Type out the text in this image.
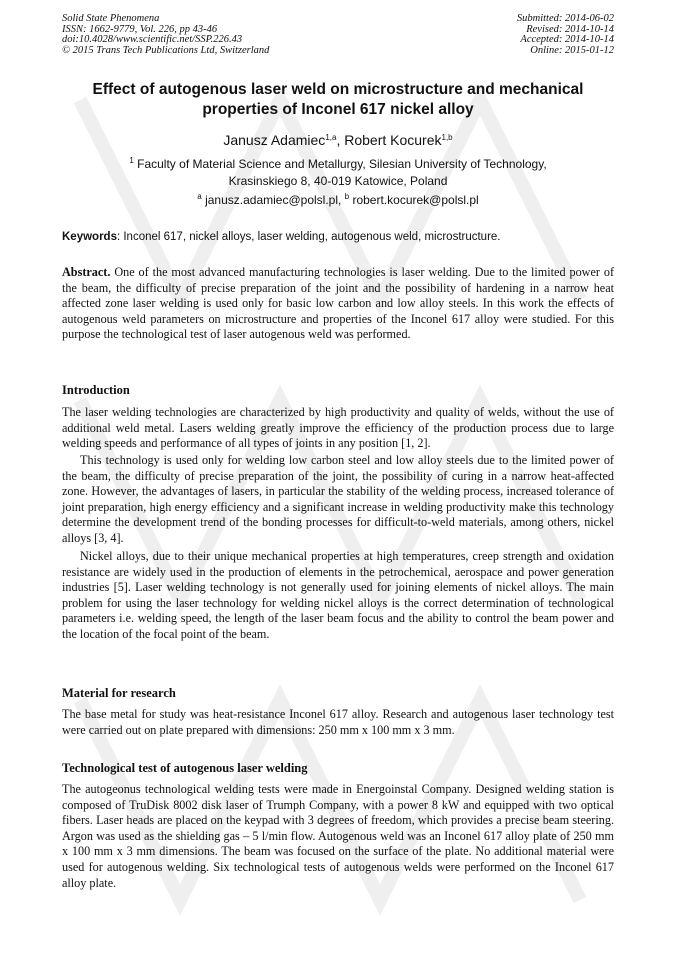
Solid State Phenomena
ISSN: 1662-9779, Vol. 226, pp 43-46
doi:10.4028/www.scientific.net/SSP.226.43
© 2015 Trans Tech Publications Ltd, Switzerland
Submitted: 2014-06-02
Revised: 2014-10-14
Accepted: 2014-10-14
Online: 2015-01-12
Effect of autogenous laser weld on microstructure and mechanical
properties of Inconel 617 nickel alloy
Janusz Adamiec$^{1,a}$, Robert Kocurek$^{1,b}$
$^1$ Faculty of Material Science and Metallurgy, Silesian University of Technology,
Krasinskiego 8, 40-019 Katowice, Poland
$^a$ janusz.adamiec@polsl.pl, $^b$ robert.kocurek@polsl.pl
Keywords: Inconel 617, nickel alloys, laser welding, autogenous weld, microstructure.

Abstract. One of the most advanced manufacturing technologies is laser welding. Due to the limited power of the beam, the difficulty of precise preparation of the joint and the possibility of hardening in a narrow heat affected zone laser welding is used only for basic low carbon and low alloy steels. In this work the effects of autogenous weld parameters on microstructure and properties of the Inconel 617 alloy were studied. For this purpose the technological test of laser autogenous weld was performed.

Introduction

The laser welding technologies are characterized by high productivity and quality of welds, without the use of additional weld metal. Lasers welding greatly improve the efficiency of the production process due to large welding speeds and performance of all types of joints in any position [1, 2].

This technology is used only for welding low carbon steel and low alloy steels due to the limited power of the beam, the difficulty of precise preparation of the joint, the possibility of curing in a narrow heat-affected zone. However, the advantages of lasers, in particular the stability of the welding process, increased tolerance of joint preparation, high energy efficiency and a significant increase in welding productivity make this technology determine the development trend of the bonding processes for difficult-to-weld materials, among others, nickel alloys [3, 4].

Nickel alloys, due to their unique mechanical properties at high temperatures, creep strength and oxidation resistance are widely used in the production of elements in the petrochemical, aerospace and power generation industries [5]. Laser welding technology is not generally used for joining elements of nickel alloys. The main problem for using the laser technology for welding nickel alloys is the correct determination of technological parameters i.e. welding speed, the length of the laser beam focus and the ability to control the beam power and the location of the focal point of the beam.

Material for research

The base metal for study was heat-resistance Inconel 617 alloy. Research and autogenous laser technology test were carried out on plate prepared with dimensions: 250 mm x 100 mm x 3 mm.

Technological test of autogenous laser welding

The autogeonus technological welding tests were made in Energoinstal Company. Designed welding station is composed of TruDisk 8002 disk laser of Trumph Company, with a power 8 kW and equipped with two optical fibers. Laser heads are placed on the keypad with 3 degrees of freedom, which provides a precise beam steering. Argon was used as the shielding gas – 5 l/min flow. Autogenous weld was an Inconel 617 alloy plate of 250 mm x 100 mm x 3 mm dimensions. The beam was focused on the surface of the plate. No additional material were used for autogenous welding. Six technological tests of autogenous welds were performed on the Inconel 617 alloy plate.
